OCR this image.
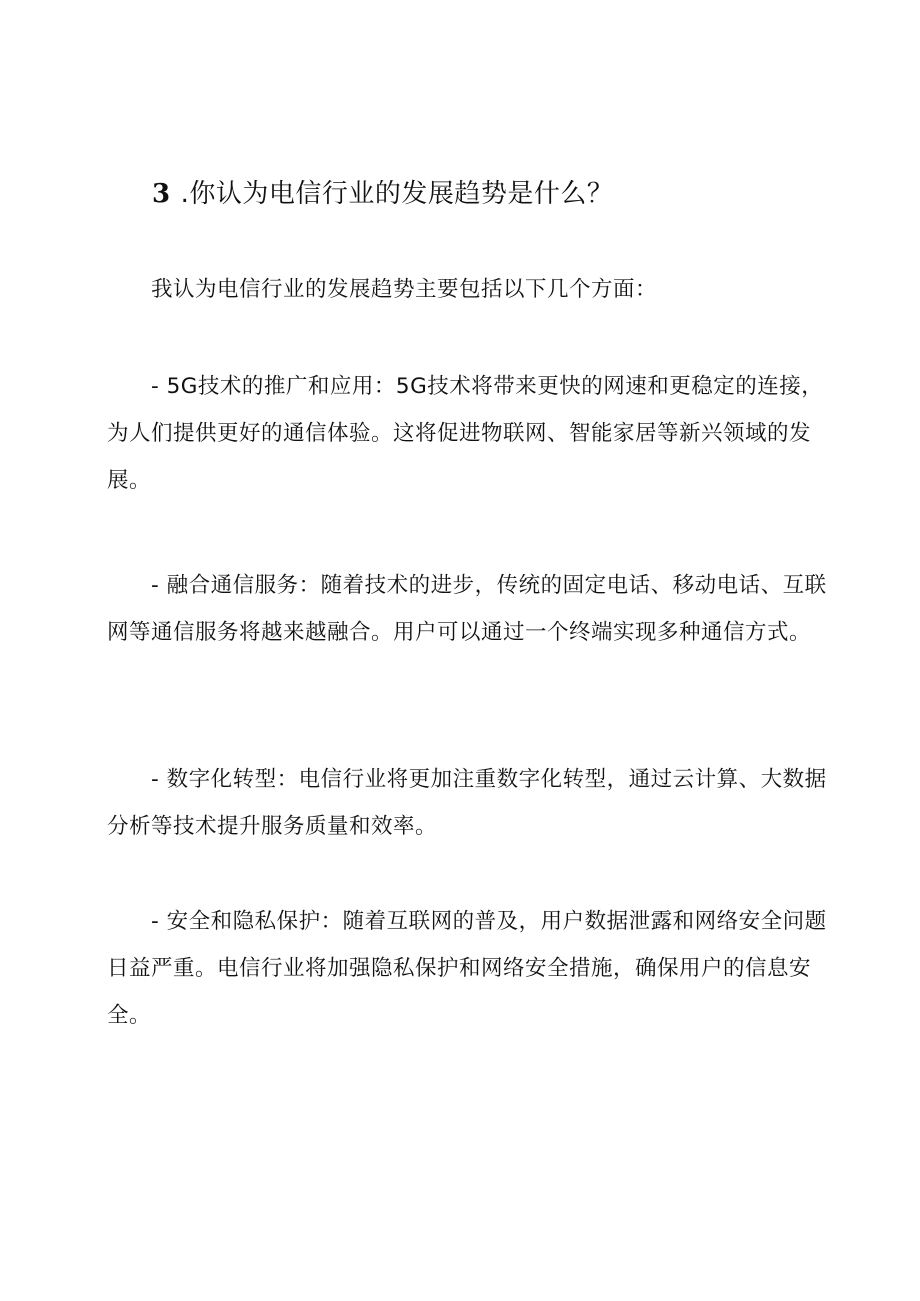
3 .你认为电信行业的发展趋势是什么？

我认为电信行业的发展趋势主要包括以下几个方面：

- 5G技术的推广和应用：5G技术将带来更快的网速和更稳定的连接，为人们提供更好的通信体验。这将促进物联网、智能家居等新兴领域的发展。

- 融合通信服务：随着技术的进步，传统的固定电话、移动电话、互联网等通信服务将越来越融合。用户可以通过一个终端实现多种通信方式。

- 数字化转型：电信行业将更加注重数字化转型，通过云计算、大数据分析等技术提升服务质量和效率。

- 安全和隐私保护：随着互联网的普及，用户数据泄露和网络安全问题日益严重。电信行业将加强隐私保护和网络安全措施，确保用户的信息安全。
